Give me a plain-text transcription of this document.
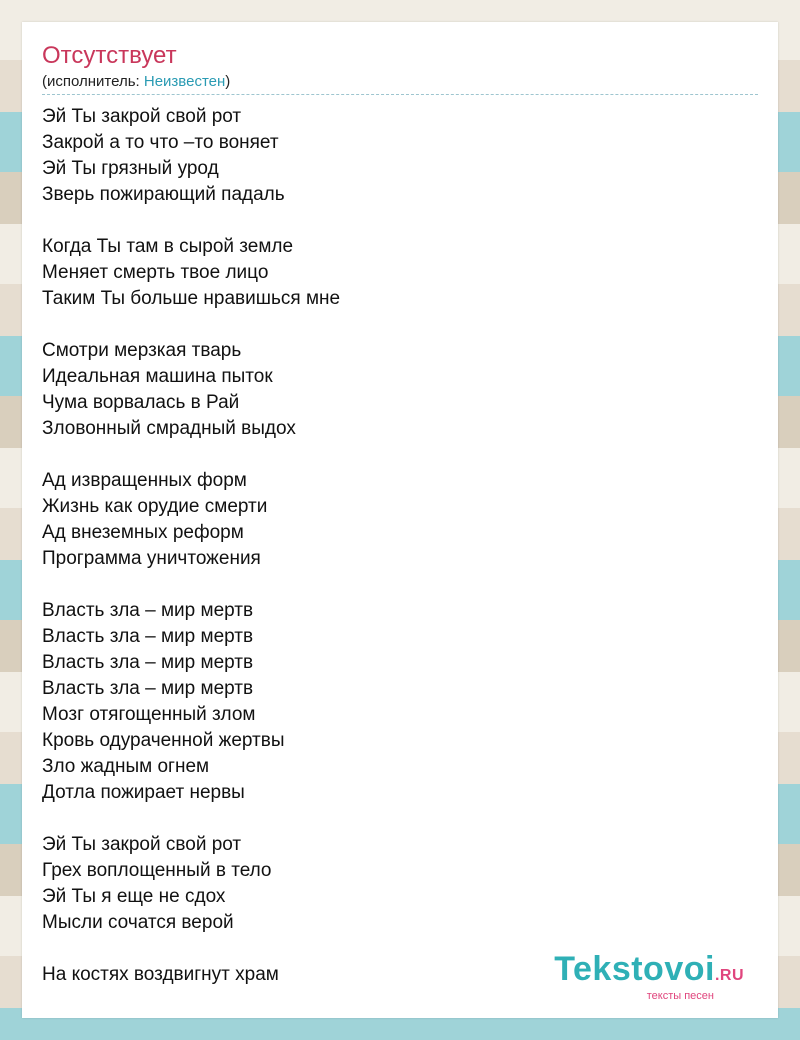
Отсутствует
(исполнитель: Неизвестен)
Эй Ты закрой свой рот
Закрой а то что –то воняет
Эй Ты грязный урод
Зверь пожирающий падаль
Когда Ты там в сырой земле
Меняет смерть твое лицо
Таким Ты больше нравишься мне
Смотри мерзкая тварь
Идеальная машина пыток
Чума ворвалась в Рай
Зловонный смрадный выдох
Ад извращенных форм
Жизнь как орудие смерти
Ад внеземных реформ
Программа уничтожения
Власть зла – мир мертв
Власть зла – мир мертв
Власть зла – мир мертв
Власть зла – мир мертв
Мозг отягощенный злом
Кровь одураченной жертвы
Зло жадным огнем
Дотла пожирает нервы
Эй Ты закрой свой рот
Грех воплощенный в тело
Эй Ты я еще не сдох
Мысли сочатся верой
На костях воздвигнут храм	Tekstovoi.RU
тексты песен
